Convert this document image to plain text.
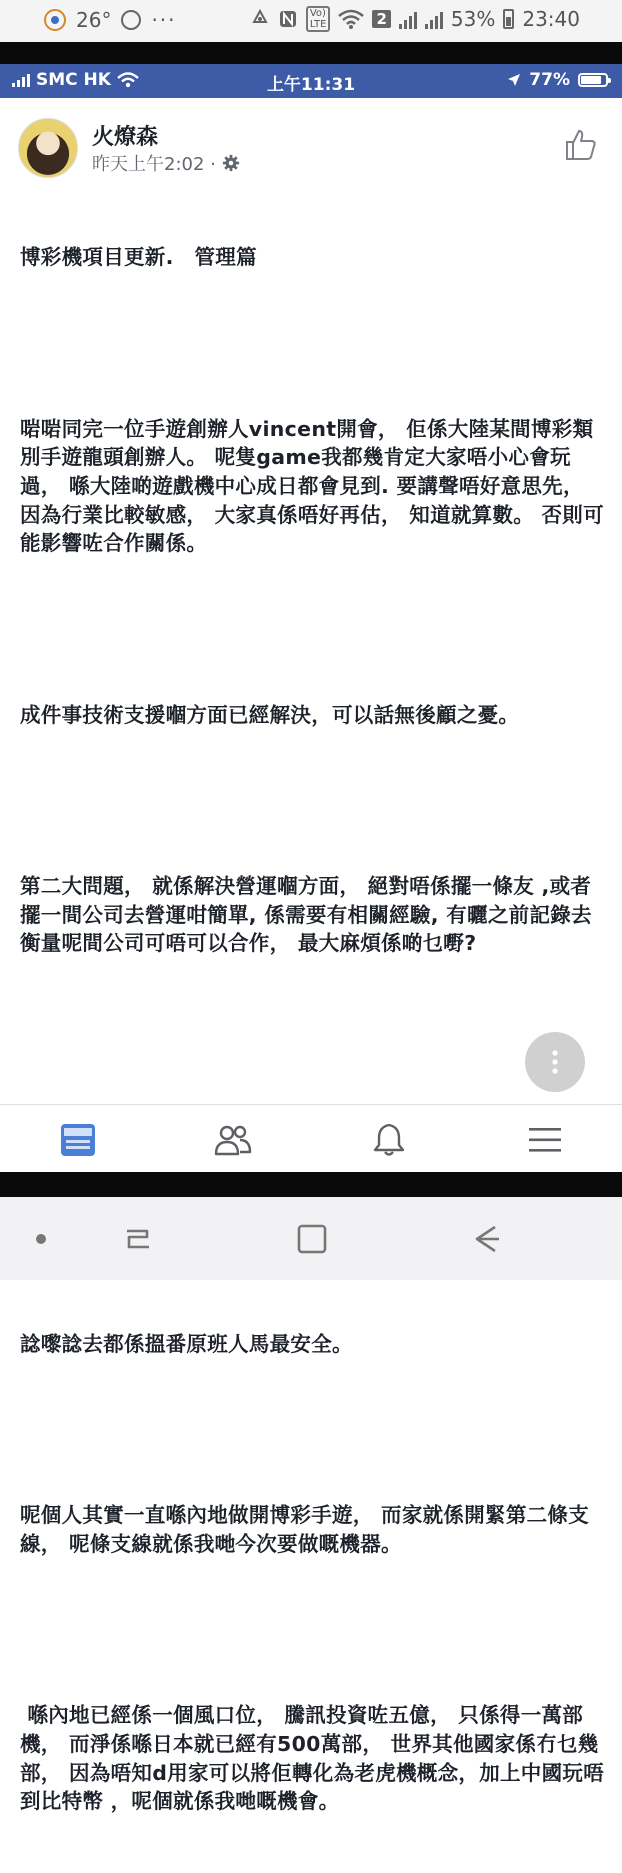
26° ···	Vo)
LTE	2	53% 23:40
SMC HK	上午11:31	77%
火燎森
昨天上午2:02 ·

博彩機項目更新.　管理篇

啱啱同完一位手遊創辦人vincent開會， 佢係大陸某間博彩類別手遊龍頭創辦人。 呢隻game我都幾肯定大家唔小心會玩過， 喺大陸啲遊戲機中心成日都會見到. 要講聲唔好意思先， 因為行業比較敏感， 大家真係唔好再估， 知道就算數。 否則可能影響咗合作關係。

成件事技術支援嗰方面已經解決，可以話無後顧之憂。

第二大問題， 就係解決營運嗰方面， 絕對唔係擺一條友 ,或者擺一間公司去營運咁簡單, 係需要有相關經驗, 有曬之前記錄去衡量呢間公司可唔可以合作， 最大麻煩係啲乜嘢?

諗嚟諗去都係搵番原班人馬最安全。

呢個人其實一直喺內地做開博彩手遊， 而家就係開緊第二條支線， 呢條支線就係我哋今次要做嘅機器。

喺內地已經係一個風口位， 騰訊投資咗五億， 只係得一萬部機， 而淨係喺日本就已經有500萬部， 世界其他國家係冇乜幾部， 因為唔知d用家可以將佢轉化為老虎機概念，加上中國玩唔到比特幣 ，呢個就係我哋嘅機會。
